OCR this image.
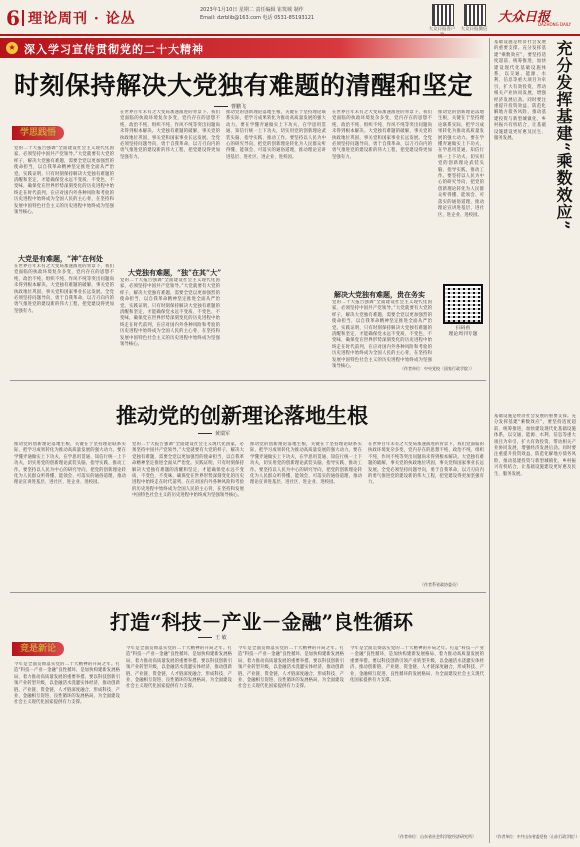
6 理论周刊 · 论丛
2023年1月10日 星期二 责任编辑 崔筑城 制作
Email: dzrblib@163.com 电话 0531-85193121
大众日报客户 大众日报微信
大众日报
DAZHONG DAILY
★ 深入学习宣传贯彻党的二十大精神
时刻保持解决大党独有难题的清醒和坚定
曹鹏飞
学思践悟
党的二十大报告强调“全面建设社会主义现代化国家，必须坚持中国共产党领导。”大党就要有大党的样子，解决大党独有难题，需要全党以更加强烈的使命担当，以自我革命精神坚定推进全面从严治党。实践证明，只有时刻保持解决大党独有难题的清醒和坚定，才能确保党永远不变质、不变色、不变味，确保党在世界形势深刻变化的历史进程中始终走在时代前列，在应对国内外各种风险和考验的历史进程中始终成为全国人民的主心骨，在坚持和发展中国特色社会主义的历史进程中始终成为坚强领导核心。
大党是有难题，“神”在何处
在世界百年未有之大变局加速演进的背景下，我们党面临的执政环境复杂多变，党内存在的思想不纯、政治不纯、组织不纯、作风不纯等突出问题尚未得到根本解决。大党独有难题的破解，事关党的执政地位巩固，事关党和国家事业长远发展。全党必须坚持问题导向，勇于自我革命，以刀刃向内的勇气推进党的建设新的伟大工程，把党建设得更加坚强有力。
在世界百年未有之大变局加速演进的背景下，我们党面临的执政环境复杂多变，党内存在的思想不纯、政治不纯、组织不纯、作风不纯等突出问题尚未得到根本解决。大党独有难题的破解，事关党的执政地位巩固，事关党和国家事业长远发展。全党必须坚持问题导向，勇于自我革命，以刀刃向内的勇气推进党的建设新的伟大工程，把党建设得更加坚强有力。
大党独有难题，“独”在其“大”
党的二十大报告强调“全面建设社会主义现代化国家，必须坚持中国共产党领导。”大党就要有大党的样子，解决大党独有难题，需要全党以更加强烈的使命担当，以自我革命精神坚定推进全面从严治党。实践证明，只有时刻保持解决大党独有难题的清醒和坚定，才能确保党永远不变质、不变色、不变味，确保党在世界形势深刻变化的历史进程中始终走在时代前列，在应对国内外各种风险和考验的历史进程中始终成为全国人民的主心骨，在坚持和发展中国特色社会主义的历史进程中始终成为坚强领导核心。
推动党的创新理论落地生根，关键在于坚持理论联系实际，把学习成果转化为推动高质量发展的强大动力。要在学懂弄通做实上下功夫，在学思用贯通、知信行统一上下功夫，切实用党的创新理论武装头脑、指导实践、推动工作。要坚持以人民为中心的研究导向，把党的创新理论转化为人民群众听得懂、能领会、可落实的通俗道理，推动理论宣讲进基层、进社区、进企业、进校园。
在世界百年未有之大变局加速演进的背景下，我们党面临的执政环境复杂多变，党内存在的思想不纯、政治不纯、组织不纯、作风不纯等突出问题尚未得到根本解决。大党独有难题的破解，事关党的执政地位巩固，事关党和国家事业长远发展。全党必须坚持问题导向，勇于自我革命，以刀刃向内的勇气推进党的建设新的伟大工程，把党建设得更加坚强有力。
解决大党独有难题，贵在务实
党的二十大报告强调“全面建设社会主义现代化国家，必须坚持中国共产党领导。”大党就要有大党的样子，解决大党独有难题，需要全党以更加强烈的使命担当，以自我革命精神坚定推进全面从严治党。实践证明，只有时刻保持解决大党独有难题的清醒和坚定，才能确保党永远不变质、不变色、不变味，确保党在世界形势深刻变化的历史进程中始终走在时代前列，在应对国内外各种风险和考验的历史进程中始终成为全国人民的主心骨，在坚持和发展中国特色社会主义的历史进程中始终成为坚强领导核心。
推动党的创新理论落地生根，关键在于坚持理论联系实际，把学习成果转化为推动高质量发展的强大动力。要在学懂弄通做实上下功夫，在学思用贯通、知信行统一上下功夫，切实用党的创新理论武装头脑、指导实践、推动工作。要坚持以人民为中心的研究导向，把党的创新理论转化为人民群众听得懂、能领会、可落实的通俗道理，推动理论宣讲进基层、进社区、进企业、进校园。
扫码看
理论周刊专题
（作者单位：中央党校〔国家行政学院〕）
推动党的创新理论落地生根
黄瑞军
推动党的创新理论落地生根，关键在于坚持理论联系实际，把学习成果转化为推动高质量发展的强大动力。要在学懂弄通做实上下功夫，在学思用贯通、知信行统一上下功夫，切实用党的创新理论武装头脑、指导实践、推动工作。要坚持以人民为中心的研究导向，把党的创新理论转化为人民群众听得懂、能领会、可落实的通俗道理，推动理论宣讲进基层、进社区、进企业、进校园。
党的二十大报告强调“全面建设社会主义现代化国家，必须坚持中国共产党领导。”大党就要有大党的样子，解决大党独有难题，需要全党以更加强烈的使命担当，以自我革命精神坚定推进全面从严治党。实践证明，只有时刻保持解决大党独有难题的清醒和坚定，才能确保党永远不变质、不变色、不变味，确保党在世界形势深刻变化的历史进程中始终走在时代前列，在应对国内外各种风险和考验的历史进程中始终成为全国人民的主心骨，在坚持和发展中国特色社会主义的历史进程中始终成为坚强领导核心。
推动党的创新理论落地生根，关键在于坚持理论联系实际，把学习成果转化为推动高质量发展的强大动力。要在学懂弄通做实上下功夫，在学思用贯通、知信行统一上下功夫，切实用党的创新理论武装头脑、指导实践、推动工作。要坚持以人民为中心的研究导向，把党的创新理论转化为人民群众听得懂、能领会、可落实的通俗道理，推动理论宣讲进基层、进社区、进企业、进校园。
在世界百年未有之大变局加速演进的背景下，我们党面临的执政环境复杂多变，党内存在的思想不纯、政治不纯、组织不纯、作风不纯等突出问题尚未得到根本解决。大党独有难题的破解，事关党的执政地位巩固，事关党和国家事业长远发展。全党必须坚持问题导向，勇于自我革命，以刀刃向内的勇气推进党的建设新的伟大工程，把党建设得更加坚强有力。
（作者系省政协委员）
打造“科技－产业－金融”良性循环
王 敏
竞是新论
今年是全面贯彻落实党的二十大精神的开局之年。打造“科技－产业－金融”良性循环，是加快构建新发展格局、着力推动高质量发展的重要举措。要以科技创新引领产业转型升级，以金融活水浇灌实体经济，推动创新链、产业链、资金链、人才链深度融合，形成科技、产业、金融相互促进、良性循环的发展格局，为全面建设社会主义现代化国家提供有力支撑。
今年是全面贯彻落实党的二十大精神的开局之年。打造“科技－产业－金融”良性循环，是加快构建新发展格局、着力推动高质量发展的重要举措。要以科技创新引领产业转型升级，以金融活水浇灌实体经济，推动创新链、产业链、资金链、人才链深度融合，形成科技、产业、金融相互促进、良性循环的发展格局，为全面建设社会主义现代化国家提供有力支撑。
今年是全面贯彻落实党的二十大精神的开局之年。打造“科技－产业－金融”良性循环，是加快构建新发展格局、着力推动高质量发展的重要举措。要以科技创新引领产业转型升级，以金融活水浇灌实体经济，推动创新链、产业链、资金链、人才链深度融合，形成科技、产业、金融相互促进、良性循环的发展格局，为全面建设社会主义现代化国家提供有力支撑。
今年是全面贯彻落实党的二十大精神的开局之年。打造“科技－产业－金融”良性循环，是加快构建新发展格局、着力推动高质量发展的重要举措。要以科技创新引领产业转型升级，以金融活水浇灌实体经济，推动创新链、产业链、资金链、人才链深度融合，形成科技、产业、金融相互促进、良性循环的发展格局，为全面建设社会主义现代化国家提供有力支撑。
（作者单位：山东省社会科学院经济研究所）
基础设施是经济社会发展的重要支撑。充分发挥基建“乘数效应”，要坚持适度超前、统筹推进，加快建设现代化基础设施体系，以交通、能源、水利、信息等重大项目为牵引，扩大有效投资，带动相关产业协同发展，增强经济发展后劲。同时要注重提升投资效益，防范化解地方债务风险，推动基建投资与新型城镇化、乡村振兴有机结合，让基础设施建设更好惠及民生、服务发展。	充分发挥基建“乘数效应”
基础设施是经济社会发展的重要支撑。充分发挥基建“乘数效应”，要坚持适度超前、统筹推进，加快建设现代化基础设施体系，以交通、能源、水利、信息等重大项目为牵引，扩大有效投资，带动相关产业协同发展，增强经济发展后劲。同时要注重提升投资效益，防范化解地方债务风险，推动基建投资与新型城镇化、乡村振兴有机结合，让基础设施建设更好惠及民生、服务发展。
（作者单位：中共山东省委党校〔山东行政学院〕）
